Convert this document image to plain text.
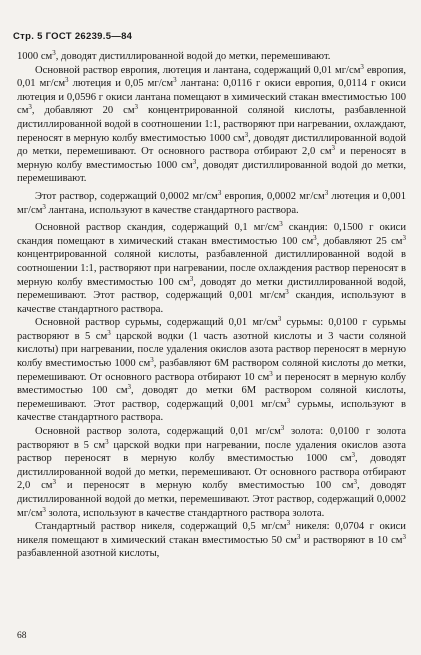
Стр. 5 ГОСТ 26239.5—84

1000 $см^3$, доводят дистиллированной водой до метки, перемешивают.

Основной раствор европия, лютеция и лантана, содержащий 0,01 $мг/см^3$ европия, 0,01 $мг/см^3$ лютеция и 0,05 $мг/см^3$ лантана: 0,0116 г окиси европия, 0,0114 г окиси лютеция и 0,0596 г окиси лантана помещают в химический стакан вместимостью 100 $см^3$, добавляют 20 $см^3$ концентрированной соляной кислоты, разбавленной дистиллированной водой в соотношении 1:1, растворяют при нагревании, охлаждают, переносят в мерную колбу вместимостью 1000 $см^3$, доводят дистиллированной водой до метки, перемешивают. От основного раствора отбирают 2,0 $см^3$ и переносят в мерную колбу вместимостью 1000 $см^3$, доводят дистиллированной водой до метки, перемешивают.

Этот раствор, содержащий 0,0002 $мг/см^3$ европия, 0,0002 $мг/см^3$ лютеция и 0,001 $мг/см^3$ лантана, используют в качестве стандартного раствора.

Основной раствор скандия, содержащий 0,1 $мг/см^3$ скандия: 0,1500 г окиси скандия помещают в химический стакан вместимостью 100 $см^3$, добавляют 25 $см^3$ концентрированной соляной кислоты, разбавленной дистиллированной водой в соотношении 1:1, растворяют при нагревании, после охлаждения раствор переносят в мерную колбу вместимостью 100 $см^3$, доводят до метки дистиллированной водой, перемешивают. Этот раствор, содержащий 0,001 $мг/см^3$ скандия, используют в качестве стандартного раствора.

Основной раствор сурьмы, содержащий 0,01 $мг/см^3$ сурьмы: 0,0100 г сурьмы растворяют в 5 $см^3$ царской водки (1 часть азотной кислоты и 3 части соляной кислоты) при нагревании, после удаления окислов азота раствор переносят в мерную колбу вместимостью 1000 $см^3$, разбавляют 6М раствором соляной кислоты до метки, перемешивают. От основного раствора отбирают 10 $см^3$ и переносят в мерную колбу вместимостью 100 $см^3$, доводят до метки 6М раствором соляной кислоты, перемешивают. Этот раствор, содержащий 0,001 $мг/см^3$ сурьмы, используют в качестве стандартного раствора.

Основной раствор золота, содержащий 0,01 $мг/см^3$ золота: 0,0100 г золота растворяют в 5 $см^3$ царской водки при нагревании, после удаления окислов азота раствор переносят в мерную колбу вместимостью 1000 $см^3$, доводят дистиллированной водой до метки, перемешивают. От основного раствора отбирают 2,0 $см^3$ и переносят в мерную колбу вместимостью 100 $см^3$, доводят дистиллированной водой до метки, перемешивают. Этот раствор, содержащий 0,0002 $мг/см^3$ золота, используют в качестве стандартного раствора золота.

Стандартный раствор никеля, содержащий 0,5 $мг/см^3$ никеля: 0,0704 г окиси никеля помещают в химический стакан вместимостью 50 $см^3$ и растворяют в 10 $см^3$ разбавленной азотной кислоты,

68
